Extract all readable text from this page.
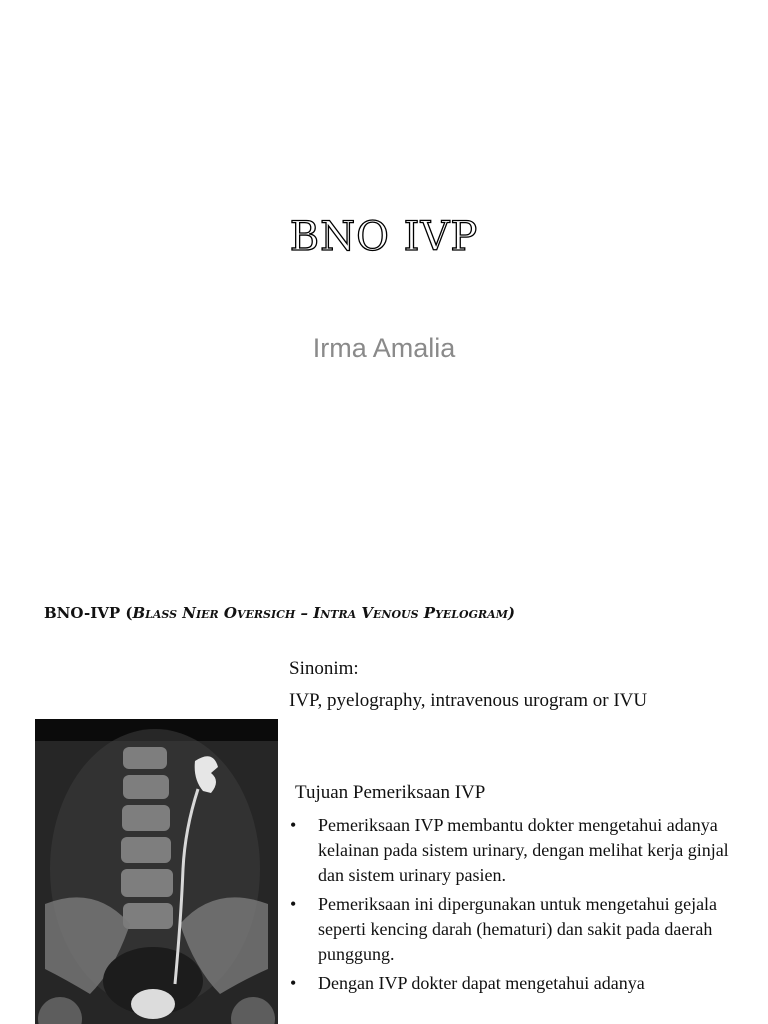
BNO IVP
Irma Amalia
BNO-IVP (Blass Nier Oversich – Intra Venous Pyelogram)
Sinonim:
IVP, pyelography, intravenous urogram or IVU
Tujuan Pemeriksaan IVP
• Pemeriksaan IVP membantu dokter mengetahui adanya kelainan pada sistem urinary, dengan melihat kerja ginjal dan sistem urinary pasien.
• Pemeriksaan ini dipergunakan untuk mengetahui gejala seperti kencing darah (hematuri) dan sakit pada daerah punggung.
• Dengan IVP dokter dapat mengetahui adanya
